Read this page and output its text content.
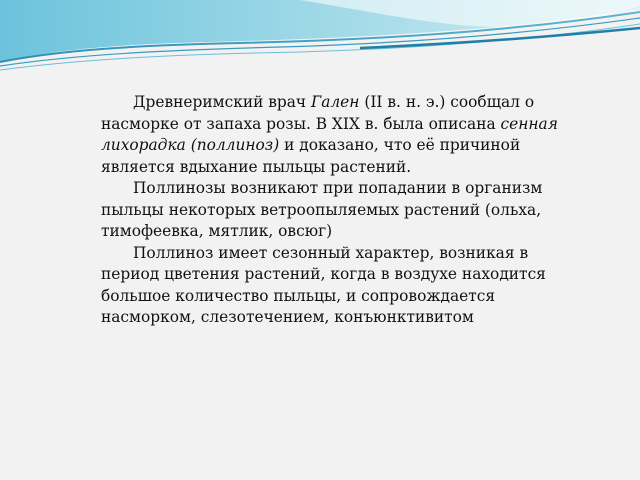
Древнеримский врач Гален (II в. н. э.) сообщал о насморке от запаха розы. В XIX в. была описана сенная лихорадка (поллиноз) и доказано, что её причиной является вдыхание пыльцы растений.

Поллинозы возникают при попадании в организм пыльцы некоторых ветроопыляемых растений (ольха, тимофеевка, мятлик, овсюг)

Поллиноз имеет сезонный характер, возникая в период цветения растений, когда в воздухе находится большое количество пыльцы, и сопровождается насморком, слезотечением, конъюнктивитом
